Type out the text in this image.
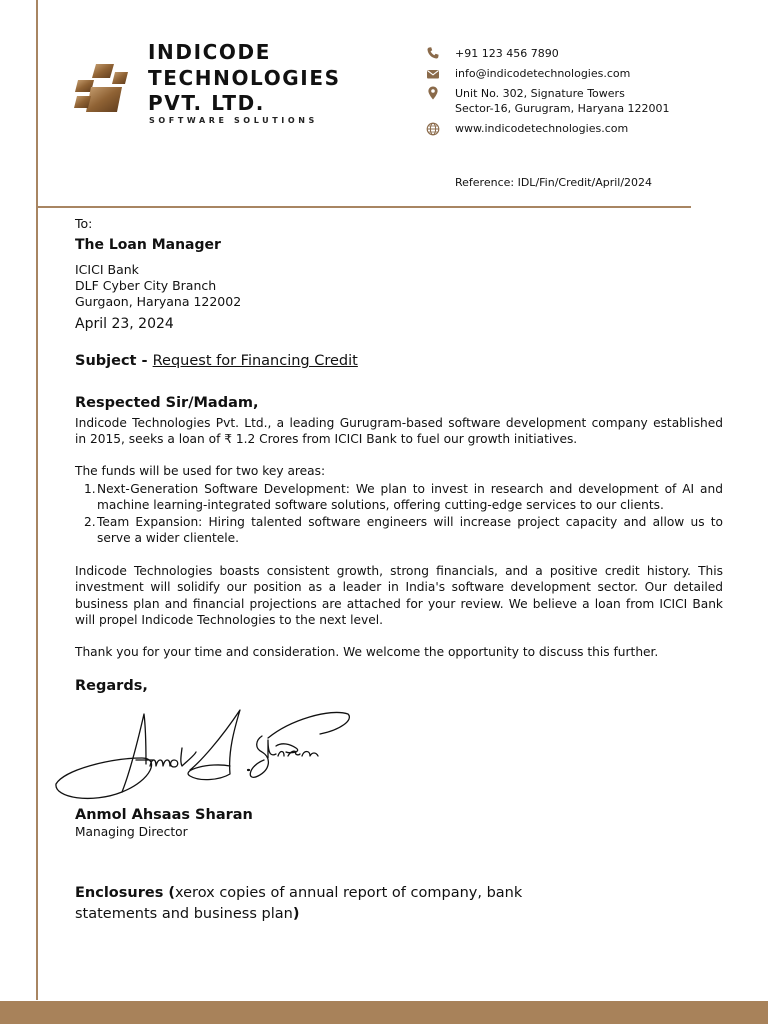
INDICODE
TECHNOLOGIES
PVT. LTD.
SOFTWARE SOLUTIONS
+91 123 456 7890
info@indicodetechnologies.com
Unit No. 302, Signature Towers
Sector-16, Gurugram, Haryana 122001
www.indicodetechnologies.com
Reference: IDL/Fin/Credit/April/2024
To:
The Loan Manager
ICICI Bank
DLF Cyber City Branch
Gurgaon, Haryana 122002
April 23, 2024
Subject - Request for Financing Credit
Respected Sir/Madam,
Indicode Technologies Pvt. Ltd., a leading Gurugram-based software development company established in 2015, seeks a loan of ₹ 1.2 Crores from ICICI Bank to fuel our growth initiatives.
The funds will be used for two key areas:
1. Next-Generation Software Development: We plan to invest in research and development of AI and machine learning-integrated software solutions, offering cutting-edge services to our clients.
2. Team Expansion: Hiring talented software engineers will increase project capacity and allow us to serve a wider clientele.
Indicode Technologies boasts consistent growth, strong financials, and a positive credit history. This investment will solidify our position as a leader in India's software development sector. Our detailed business plan and financial projections are attached for your review. We believe a loan from ICICI Bank will propel Indicode Technologies to the next level.
Thank you for your time and consideration. We welcome the opportunity to discuss this further.
Regards,
Anmol Ahsaas Sharan
Managing Director
Enclosures (xerox copies of annual report of company, bank statements and business plan)
